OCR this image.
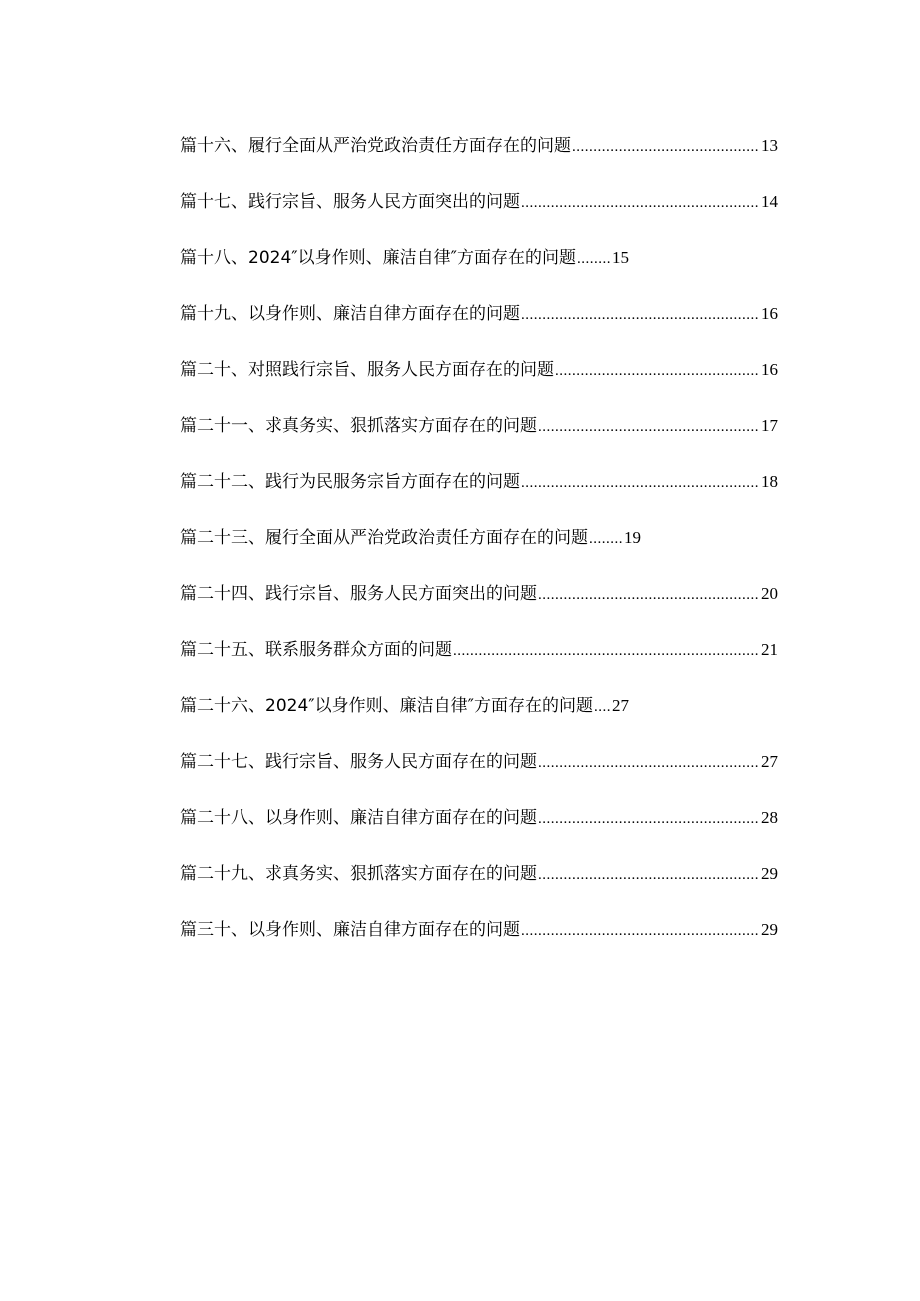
篇十六、履行全面从严治党政治责任方面存在的问题 .....	13
篇十七、践行宗旨、服务人民方面突出的问题 .....	14
篇十八、2024″以身作则、廉洁自律″方面存在的问题 ........ 15
篇十九、以身作则、廉洁自律方面存在的问题 .....	16
篇二十、对照践行宗旨、服务人民方面存在的问题 .....	16
篇二十一、求真务实、狠抓落实方面存在的问题 .....	17
篇二十二、践行为民服务宗旨方面存在的问题 .....	18
篇二十三、履行全面从严治党政治责任方面存在的问题 ........ 19
篇二十四、践行宗旨、服务人民方面突出的问题 .....	20
篇二十五、联系服务群众方面的问题 .....	21
篇二十六、2024″以身作则、廉洁自律″方面存在的问题 .... 27
篇二十七、践行宗旨、服务人民方面存在的问题 .....	27
篇二十八、以身作则、廉洁自律方面存在的问题 .....	28
篇二十九、求真务实、狠抓落实方面存在的问题 .....	29
篇三十、以身作则、廉洁自律方面存在的问题 .....	29
